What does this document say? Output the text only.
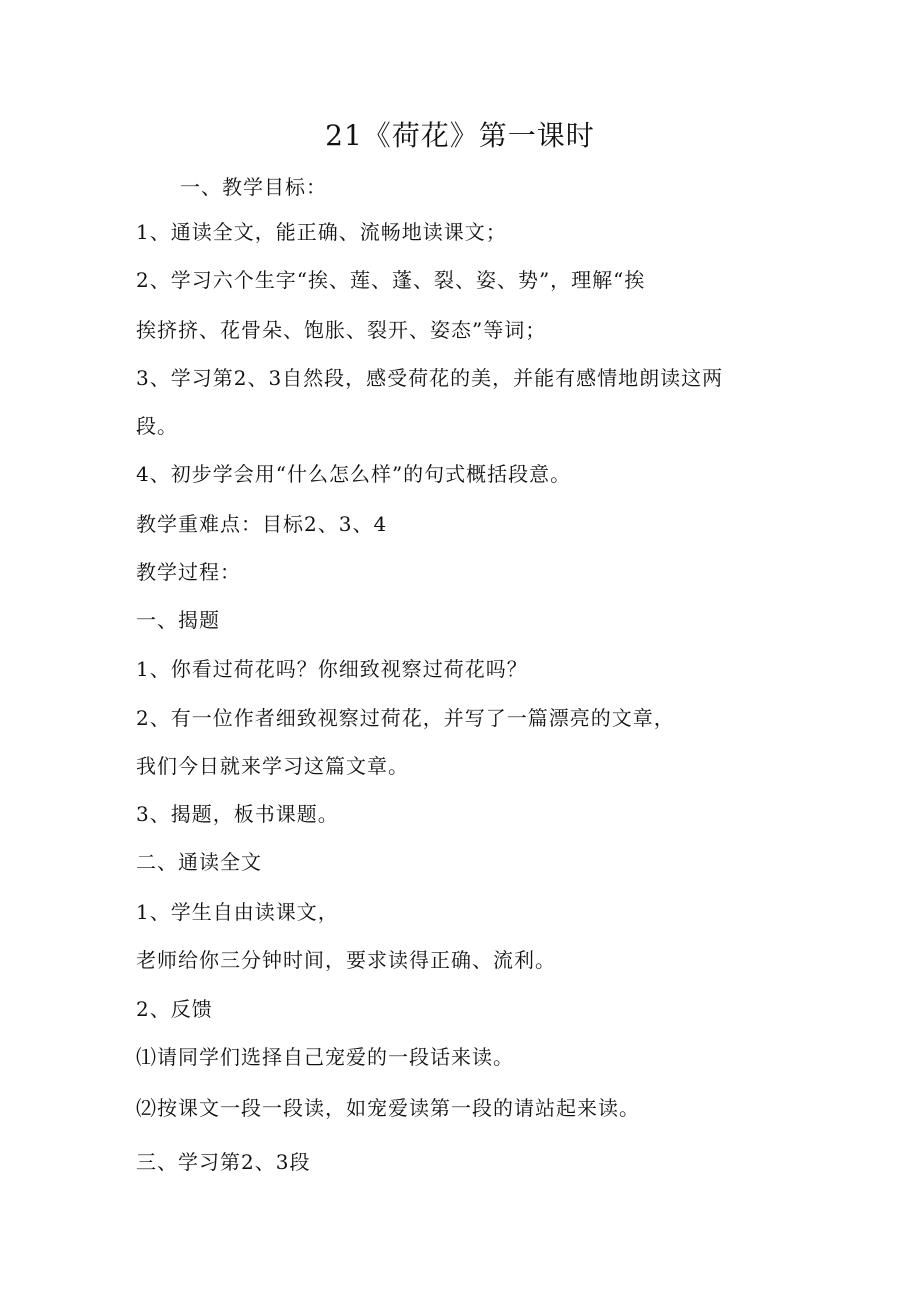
21《荷花》第一课时

一、教学目标：

1、通读全文，能正确、流畅地读课文；

2、学习六个生字“挨、莲、蓬、裂、姿、势”，理解“挨

挨挤挤、花骨朵、饱胀、裂开、姿态”等词；

3、学习第2、3自然段，感受荷花的美，并能有感情地朗读这两

段。

4、初步学会用“什么怎么样”的句式概括段意。

教学重难点：目标2、3、4

教学过程：

一、揭题

1、你看过荷花吗？你细致视察过荷花吗？

2、有一位作者细致视察过荷花，并写了一篇漂亮的文章，

我们今日就来学习这篇文章。

3、揭题，板书课题。

二、通读全文

1、学生自由读课文，

老师给你三分钟时间，要求读得正确、流利。

2、反馈

⑴请同学们选择自己宠爱的一段话来读。

⑵按课文一段一段读，如宠爱读第一段的请站起来读。

三、学习第2、3段
